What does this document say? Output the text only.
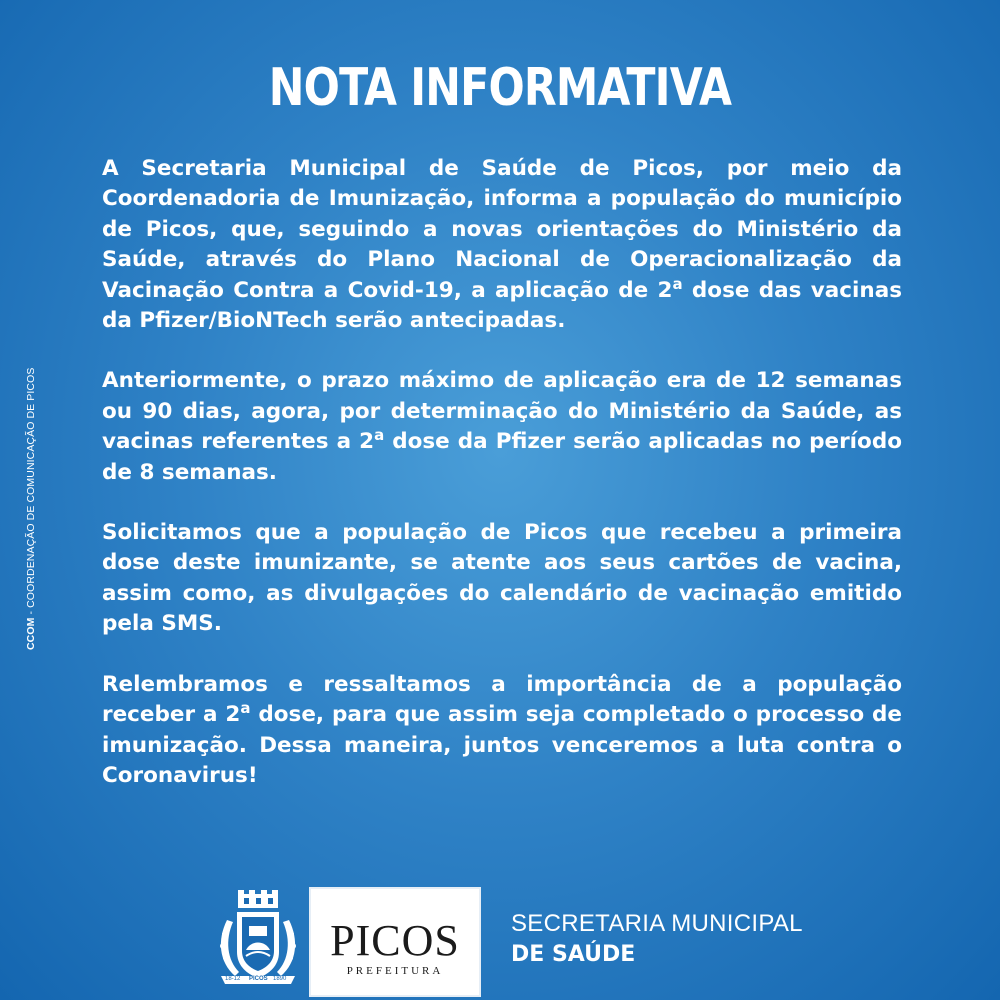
NOTA INFORMATIVA

A Secretaria Municipal de Saúde de Picos, por meio da Coordenadoria de Imunização, informa a população do município de Picos, que, seguindo a novas orientações do Ministério da Saúde, através do Plano Nacional de Operacionalização da Vacinação Contra a Covid-19, a aplicação de 2$^a$ dose das vacinas da Pfizer/BioNTech serão antecipadas.

Anteriormente, o prazo máximo de aplicação era de 12 semanas ou 90 dias, agora, por determinação do Ministério da Saúde, as vacinas referentes a 2$^a$ dose da Pfizer serão aplicadas no período de 8 semanas.

Solicitamos que a população de Picos que recebeu a primeira dose deste imunizante, se atente aos seus cartões de vacina, assim como, as divulgações do calendário de vacinação emitido pela SMS.

Relembramos e ressaltamos a importância de a população receber a 2$^a$ dose, para que assim seja completado o processo de imunização. Dessa maneira, juntos venceremos a luta contra o Coronavirus!

CCOM - COORDENAÇÃO DE COMUNICAÇÃO DE PICOS
18-12 PICOS 1890
PICOS
PREFEITURA
SECRETARIA MUNICIPAL
DE SAÚDE
